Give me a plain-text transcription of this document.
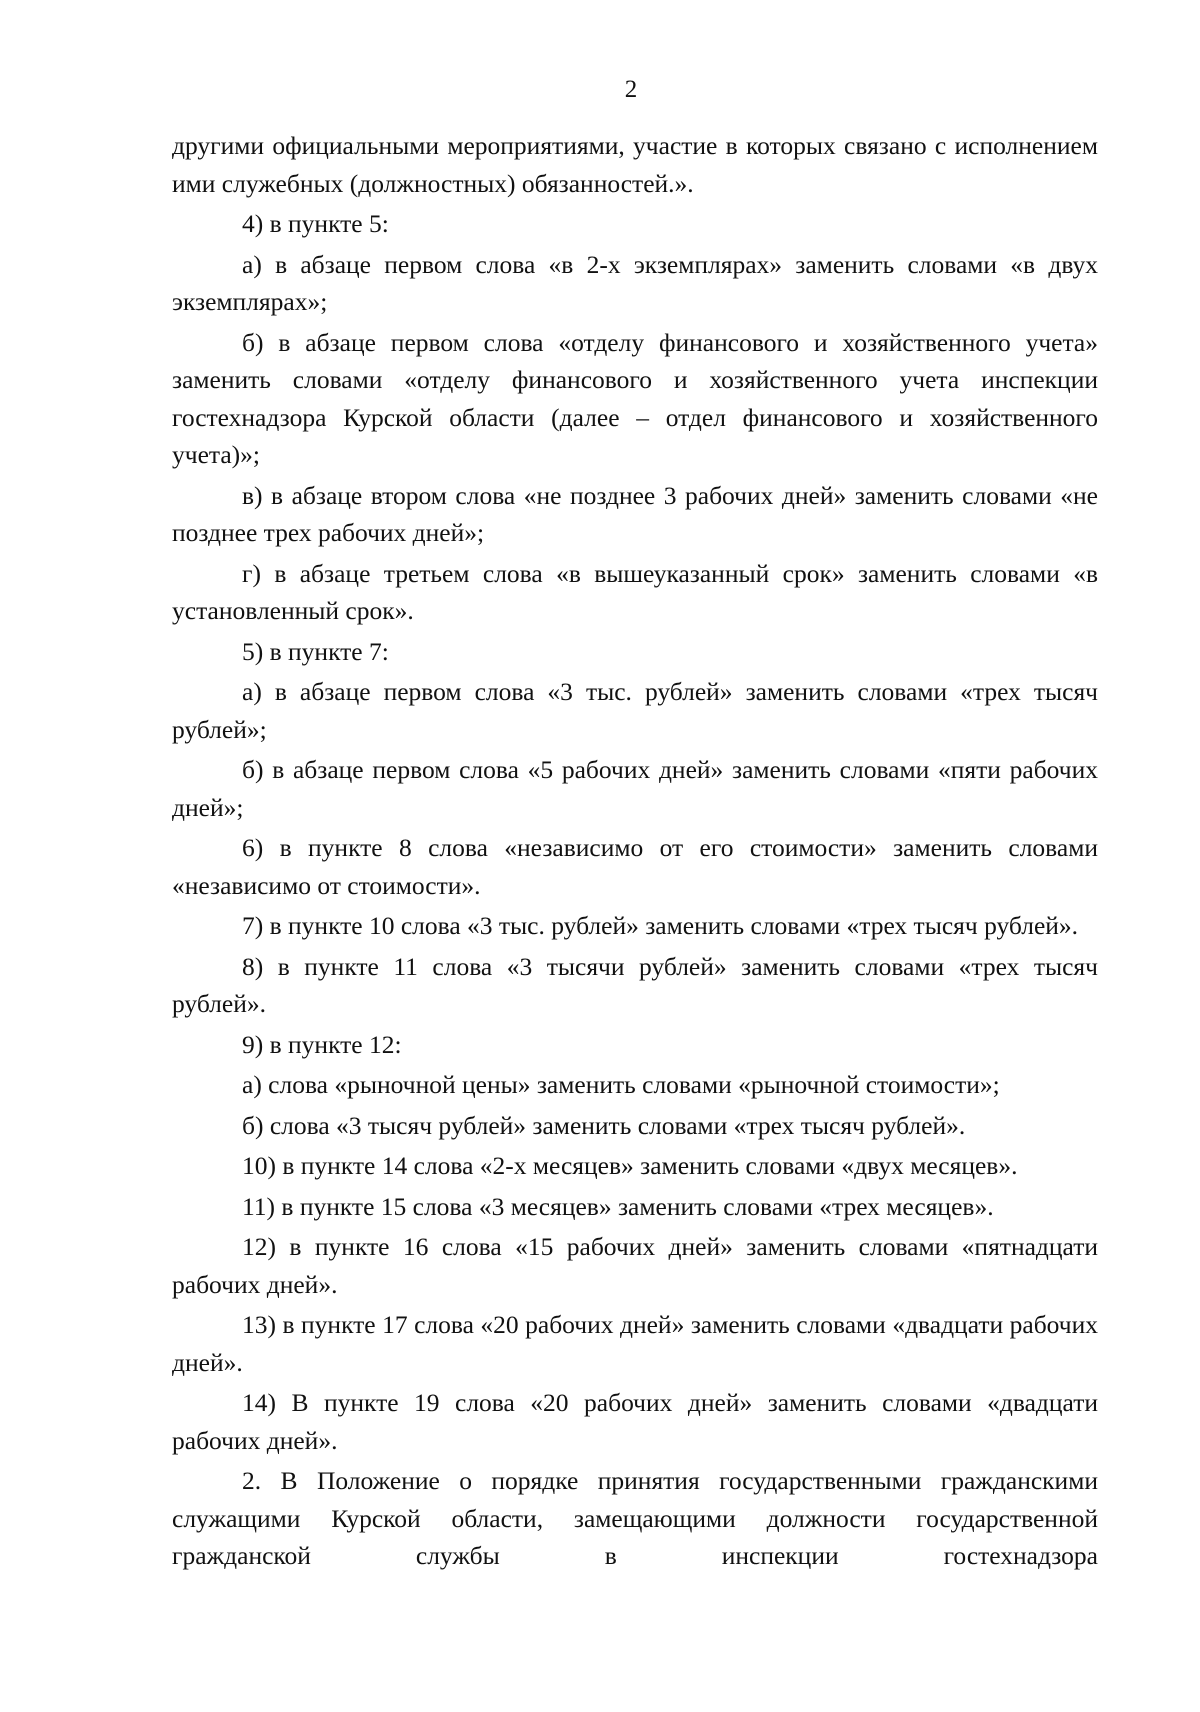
2

другими официальными мероприятиями, участие в которых связано с исполнением ими служебных (должностных) обязанностей.».

4) в пункте 5:

а) в абзаце первом слова «в 2-х экземплярах» заменить словами «в двух экземплярах»;

б) в абзаце первом слова «отделу финансового и хозяйственного учета» заменить словами «отделу финансового и хозяйственного учета инспекции гостехнадзора Курской области (далее – отдел финансового и хозяйственного учета)»;

в) в абзаце втором слова «не позднее 3 рабочих дней» заменить словами «не позднее трех рабочих дней»;

г) в абзаце третьем слова «в вышеуказанный срок» заменить словами «в установленный срок».

5) в пункте 7:

а) в абзаце первом слова «3 тыс. рублей» заменить словами «трех тысяч рублей»;

б) в абзаце первом слова «5 рабочих дней» заменить словами «пяти рабочих дней»;

6) в пункте 8 слова «независимо от его стоимости» заменить словами «независимо от стоимости».

7) в пункте 10 слова «3 тыс. рублей» заменить словами «трех тысяч рублей».

8) в пункте 11 слова «3 тысячи рублей» заменить словами «трех тысяч рублей».

9) в пункте 12:

а) слова «рыночной цены» заменить словами «рыночной стоимости»;

б) слова «3 тысяч рублей» заменить словами «трех тысяч рублей».

10) в пункте 14 слова «2-х месяцев» заменить словами «двух месяцев».

11) в пункте 15 слова «3 месяцев» заменить словами «трех месяцев».

12) в пункте 16 слова «15 рабочих дней» заменить словами «пятнадцати рабочих дней».

13) в пункте 17 слова «20 рабочих дней» заменить словами «двадцати рабочих дней».

14) В пункте 19 слова «20 рабочих дней» заменить словами «двадцати рабочих дней».

2. В Положение о порядке принятия государственными гражданскими служащими Курской области, замещающими должности государственной гражданской службы в инспекции гостехнадзора
